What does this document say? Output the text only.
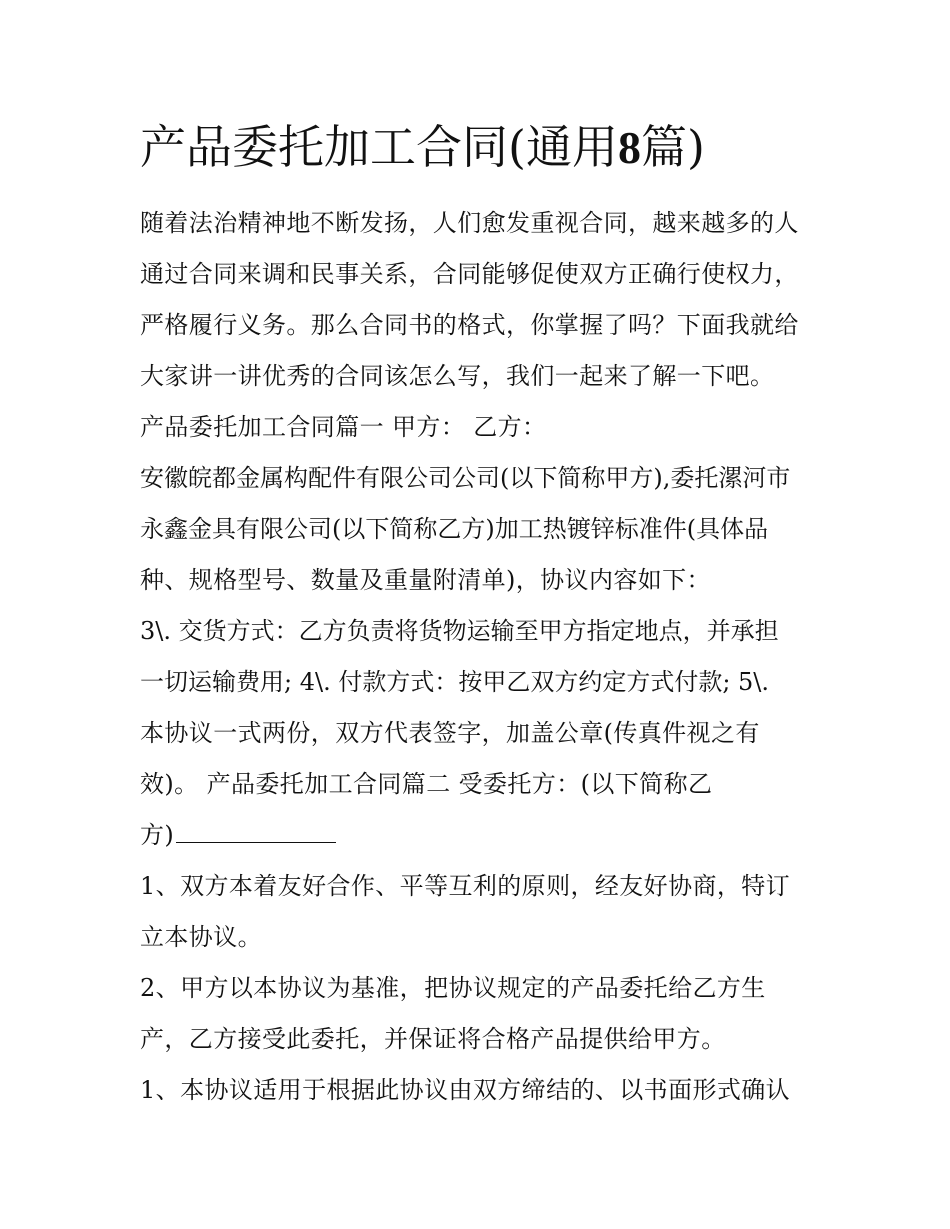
产品委托加工合同(通用8篇)
随着法治精神地不断发扬，人们愈发重视合同，越来越多的人
通过合同来调和民事关系，合同能够促使双方正确行使权力，
严格履行义务。那么合同书的格式，你掌握了吗？下面我就给
大家讲一讲优秀的合同该怎么写，我们一起来了解一下吧。
产品委托加工合同篇一 甲方： 乙方：
安徽皖都金属构配件有限公司公司(以下简称甲方),委托漯河市
永鑫金具有限公司(以下简称乙方)加工热镀锌标准件(具体品
种、规格型号、数量及重量附清单)，协议内容如下：
3\. 交货方式：乙方负责将货物运输至甲方指定地点，并承担
一切运输费用; 4\. 付款方式：按甲乙双方约定方式付款; 5\.
本协议一式两份，双方代表签字，加盖公章(传真件视之有
效)。 产品委托加工合同篇二 受委托方：(以下简称乙
方)
1、双方本着友好合作、平等互利的原则，经友好协商，特订
立本协议。
2、甲方以本协议为基准，把协议规定的产品委托给乙方生
产，乙方接受此委托，并保证将合格产品提供给甲方。
1、本协议适用于根据此协议由双方缔结的、以书面形式确认
